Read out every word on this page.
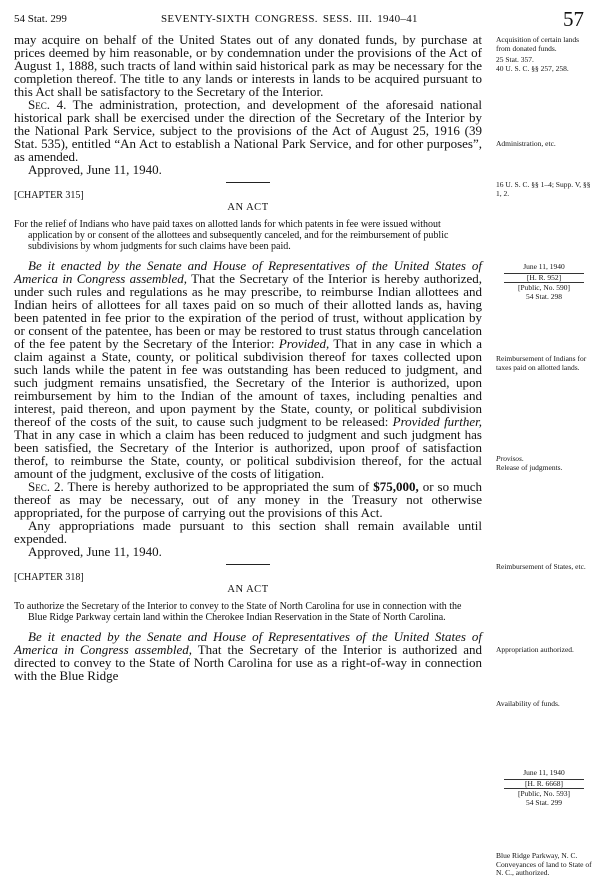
54 Stat. 299	SEVENTY-SIXTH CONGRESS. SESS. III. 1940–41	57

may acquire on behalf of the United States out of any donated funds, by purchase at prices deemed by him reasonable, or by condemnation under the provisions of the Act of August 1, 1888, such tracts of land within said historical park as may be necessary for the completion thereof. The title to any lands or interests in lands to be acquired pursuant to this Act shall be satisfactory to the Secretary of the Interior.

Sec. 4. The administration, protection, and development of the aforesaid national historical park shall be exercised under the direction of the Secretary of the Interior by the National Park Service, subject to the provisions of the Act of August 25, 1916 (39 Stat. 535), entitled “An Act to establish a National Park Service, and for other purposes”, as amended.

Approved, June 11, 1940.

[CHAPTER 315]

AN ACT

For the relief of Indians who have paid taxes on allotted lands for which patents in fee were issued without application by or consent of the allottees and subsequently canceled, and for the reimbursement of public subdivisions by whom judgments for such claims have been paid.

Be it enacted by the Senate and House of Representatives of the United States of America in Congress assembled, That the Secretary of the Interior is hereby authorized, under such rules and regulations as he may prescribe, to reimburse Indian allottees and Indian heirs of allottees for all taxes paid on so much of their allotted lands as, having been patented in fee prior to the expiration of the period of trust, without application by or consent of the patentee, has been or may be restored to trust status through cancelation of the fee patent by the Secretary of the Interior: Provided, That in any case in which a claim against a State, county, or political subdivision thereof for taxes collected upon such lands while the patent in fee was outstanding has been reduced to judgment, and such judgment remains unsatisfied, the Secretary of the Interior is authorized, upon reimbursement by him to the Indian of the amount of taxes, including penalties and interest, paid thereon, and upon payment by the State, county, or political subdivision thereof of the costs of the suit, to cause such judgment to be released: Provided further, That in any case in which a claim has been reduced to judgment and such judgment has been satisfied, the Secretary of the Interior is authorized, upon proof of satisfaction therof, to reimburse the State, county, or political subdivision thereof, for the actual amount of the judgment, exclusive of the costs of litigation.

Sec. 2. There is hereby authorized to be appropriated the sum of $75,000, or so much thereof as may be necessary, out of any money in the Treasury not otherwise appropriated, for the purpose of carrying out the provisions of this Act.

Any appropriations made pursuant to this section shall remain available until expended.

Approved, June 11, 1940.

[CHAPTER 318]

AN ACT

To authorize the Secretary of the Interior to convey to the State of North Carolina for use in connection with the Blue Ridge Parkway certain land within the Cherokee Indian Reservation in the State of North Carolina.

Be it enacted by the Senate and House of Representatives of the United States of America in Congress assembled, That the Secretary of the Interior is authorized and directed to convey to the State of North Carolina for use as a right-of-way in connection with the Blue Ridge

Acquisition of certain lands from donated funds.
25 Stat. 357.
40 U. S. C. §§ 257, 258.
Administration, etc.
16 U. S. C. §§ 1–4; Supp. V, §§ 1, 2.
June 11, 1940
[H. R. 952]
[Public, No. 590]
54 Stat. 298
Reimbursement of Indians for taxes paid on allotted lands.
Provisos.
Release of judgments.
Reimbursement of States, etc.
Appropriation authorized.
Availability of funds.
June 11, 1940
[H. R. 6668]
[Public, No. 593]
54 Stat. 299
Blue Ridge Parkway, N. C.
Conveyances of land to State of N. C., authorized.
